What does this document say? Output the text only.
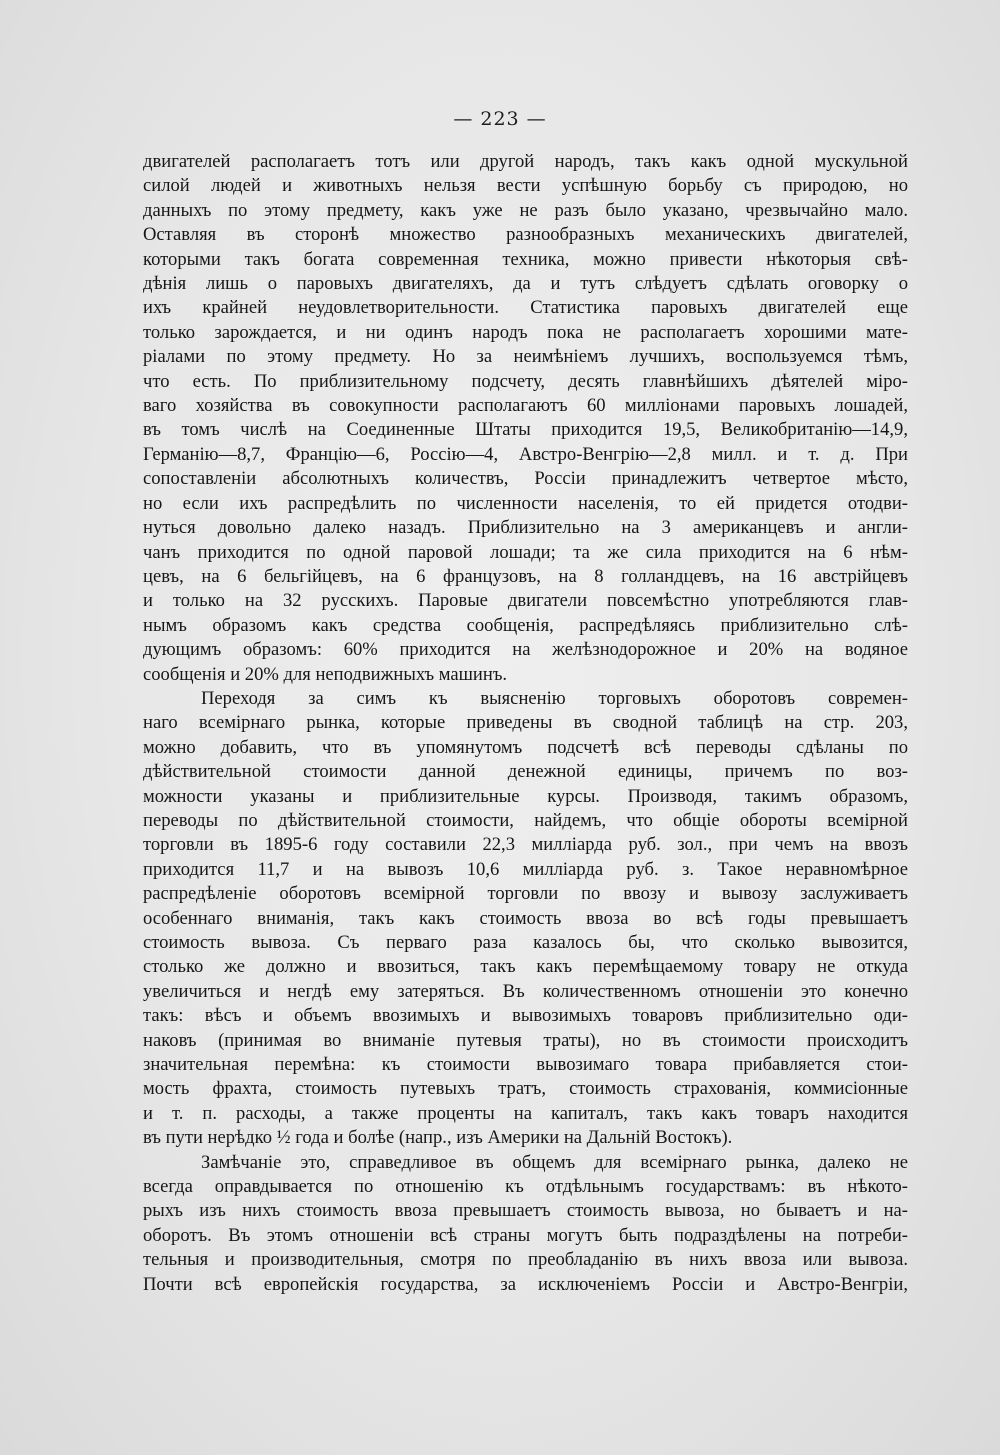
— 223 —

двигателей располагаетъ тотъ или другой народъ, такъ какъ одной мускульной
силой людей и животныхъ нельзя вести успѣшную борьбу съ природою, но
данныхъ по этому предмету, какъ уже не разъ было указано, чрезвычайно мало.
Оставляя въ сторонѣ множество разнообразныхъ механическихъ двигателей,
которыми такъ богата современная техника, можно привести нѣкоторыя свѣ-
дѣнія лишь о паровыхъ двигателяхъ, да и тутъ слѣдуетъ сдѣлать оговорку о
ихъ крайней неудовлетворительности. Статистика паровыхъ двигателей еще
только зарождается, и ни одинъ народъ пока не располагаетъ хорошими мате-
ріалами по этому предмету. Но за неимѣніемъ лучшихъ, воспользуемся тѣмъ,
что есть. По приблизительному подсчету, десять главнѣйшихъ дѣятелей міро-
ваго хозяйства въ совокупности располагаютъ 60 милліонами паровыхъ лошадей,
въ томъ числѣ на Соединенные Штаты приходится 19,5, Великобританію—14,9,
Германію—8,7, Францію—6, Россію—4, Австро-Венгрію—2,8 милл. и т. д. При
сопоставленіи абсолютныхъ количествъ, Россіи принадлежитъ четвертое мѣсто,
но если ихъ распредѣлить по численности населенія, то ей придется отодви-
нуться довольно далеко назадъ. Приблизительно на 3 американцевъ и англи-
чанъ приходится по одной паровой лошади; та же сила приходится на 6 нѣм-
цевъ, на 6 бельгійцевъ, на 6 французовъ, на 8 голландцевъ, на 16 австрійцевъ
и только на 32 русскихъ. Паровые двигатели повсемѣстно употребляются глав-
нымъ образомъ какъ средства сообщенія, распредѣляясь приблизительно слѣ-
дующимъ образомъ: 60% приходится на желѣзнодорожное и 20% на водяное
сообщенія и 20% для неподвижныхъ машинъ.

Переходя за симъ къ выясненію торговыхъ оборотовъ современ-
наго всемірнаго рынка, которые приведены въ сводной таблицѣ на стр. 203,
можно добавить, что въ упомянутомъ подсчетѣ всѣ переводы сдѣланы по
дѣйствительной стоимости данной денежной единицы, причемъ по воз-
можности указаны и приблизительные курсы. Производя, такимъ образомъ,
переводы по дѣйствительной стоимости, найдемъ, что общіе обороты всемірной
торговли въ 1895-6 году составили 22,3 милліарда руб. зол., при чемъ на ввозъ
приходится 11,7 и на вывозъ 10,6 милліарда руб. з. Такое неравномѣрное
распредѣленіе оборотовъ всемірной торговли по ввозу и вывозу заслуживаетъ
особеннаго вниманія, такъ какъ стоимость ввоза во всѣ годы превышаетъ
стоимость вывоза. Съ перваго раза казалось бы, что сколько вывозится,
столько же должно и ввозиться, такъ какъ перемѣщаемому товару не откуда
увеличиться и негдѣ ему затеряться. Въ количественномъ отношеніи это конечно
такъ: вѣсъ и объемъ ввозимыхъ и вывозимыхъ товаровъ приблизительно оди-
наковъ (принимая во вниманіе путевыя траты), но въ стоимости происходитъ
значительная перемѣна: къ стоимости вывозимаго товара прибавляется стои-
мость фрахта, стоимость путевыхъ тратъ, стоимость страхованія, коммисіонные
и т. п. расходы, а также проценты на капиталъ, такъ какъ товаръ находится
въ пути нерѣдко ½ года и болѣе (напр., изъ Америки на Дальній Востокъ).

Замѣчаніе это, справедливое въ общемъ для всемірнаго рынка, далеко не
всегда оправдывается по отношенію къ отдѣльнымъ государствамъ: въ нѣкото-
рыхъ изъ нихъ стоимость ввоза превышаетъ стоимость вывоза, но бываетъ и на-
оборотъ. Въ этомъ отношеніи всѣ страны могутъ быть подраздѣлены на потреби-
тельныя и производительныя, смотря по преобладанію въ нихъ ввоза или вывоза.
Почти всѣ европейскія государства, за исключеніемъ Россіи и Австро-Венгріи,
